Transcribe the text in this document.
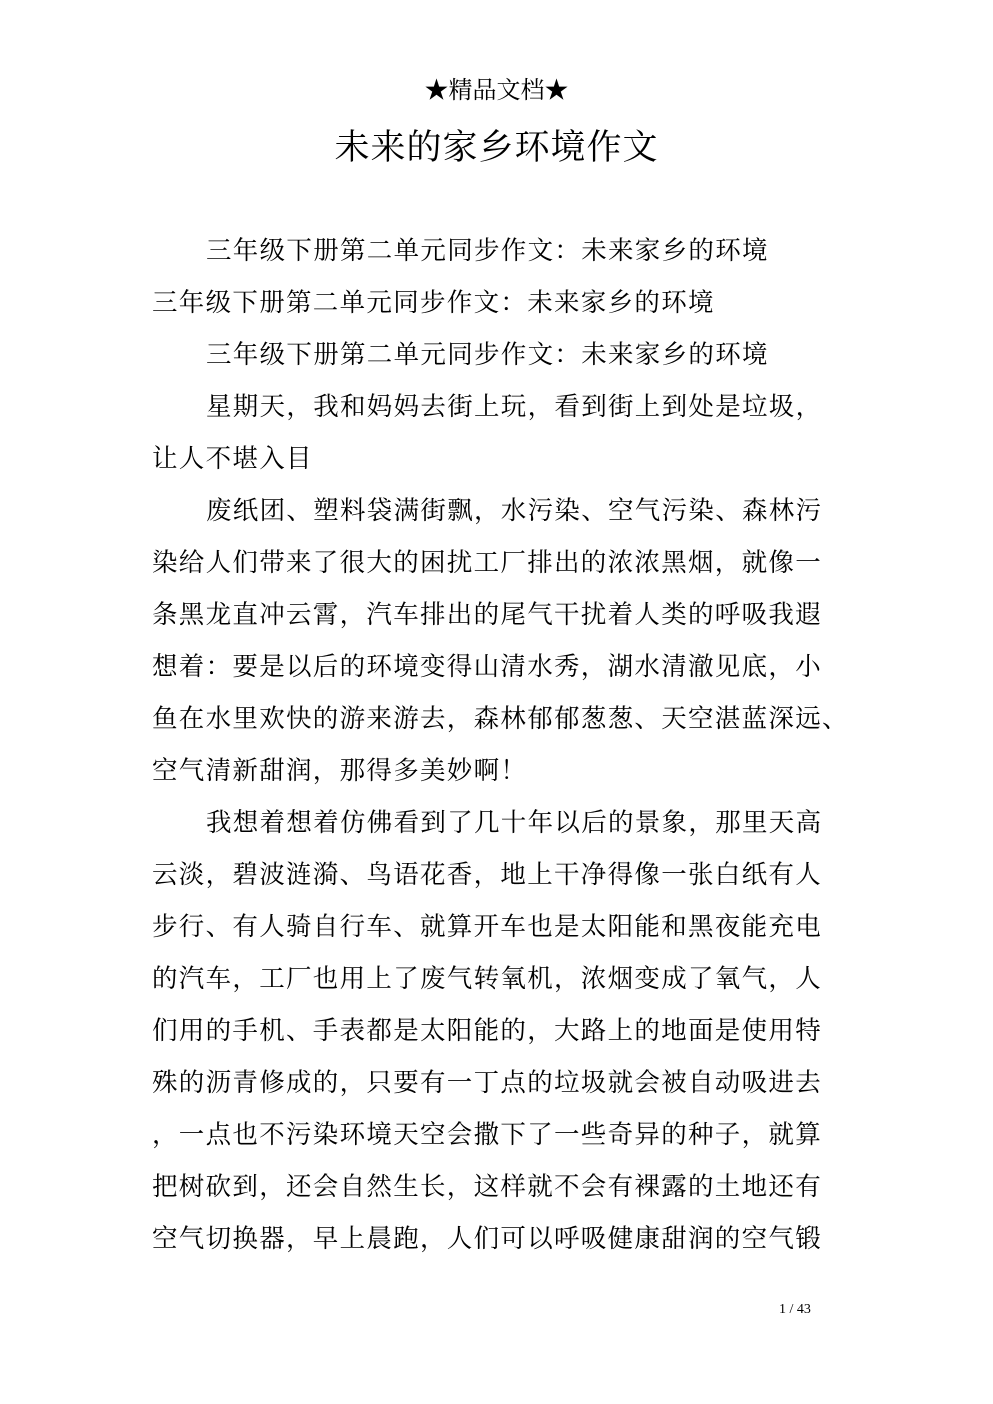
★精品文档★
未来的家乡环境作文
三年级下册第二单元同步作文：未来家乡的环境
三年级下册第二单元同步作文：未来家乡的环境
三年级下册第二单元同步作文：未来家乡的环境
星期天，我和妈妈去街上玩，看到街上到处是垃圾，
让人不堪入目
废纸团、塑料袋满街飘，水污染、空气污染、森林污
染给人们带来了很大的困扰工厂排出的浓浓黑烟，就像一
条黑龙直冲云霄，汽车排出的尾气干扰着人类的呼吸我遐
想着：要是以后的环境变得山清水秀，湖水清澈见底，小
鱼在水里欢快的游来游去，森林郁郁葱葱、天空湛蓝深远、
空气清新甜润，那得多美妙啊！
我想着想着仿佛看到了几十年以后的景象，那里天高
云淡，碧波涟漪、鸟语花香，地上干净得像一张白纸有人
步行、有人骑自行车、就算开车也是太阳能和黑夜能充电
的汽车，工厂也用上了废气转氧机，浓烟变成了氧气，人
们用的手机、手表都是太阳能的，大路上的地面是使用特
殊的沥青修成的，只要有一丁点的垃圾就会被自动吸进去
，一点也不污染环境天空会撒下了一些奇异的种子，就算
把树砍到，还会自然生长，这样就不会有裸露的土地还有
空气切换器，早上晨跑，人们可以呼吸健康甜润的空气锻
1 / 43
